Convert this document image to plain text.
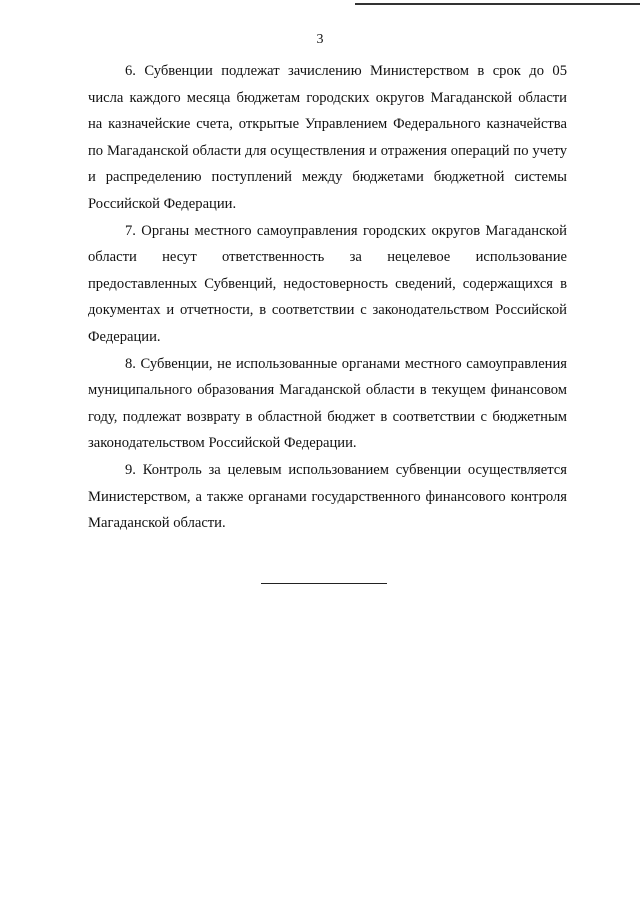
3

6. Субвенции подлежат зачислению Министерством в срок до 05 числа каждого месяца бюджетам городских округов Магаданской области на казначейские счета, открытые Управлением Федерального казначейства по Магаданской области для осуществления и отражения операций по учету и распределению поступлений между бюджетами бюджетной системы Российской Федерации.

7. Органы местного самоуправления городских округов Магаданской области несут ответственность за нецелевое использование предоставленных Субвенций, недостоверность сведений, содержащихся в документах и отчетности, в соответствии с законодательством Российской Федерации.

8. Субвенции, не использованные органами местного самоуправления муниципального образования Магаданской области в текущем финансовом году, подлежат возврату в областной бюджет в соответствии с бюджетным законодательством Российской Федерации.

9. Контроль за целевым использованием субвенции осуществляется Министерством, а также органами государственного финансового контроля Магаданской области.
